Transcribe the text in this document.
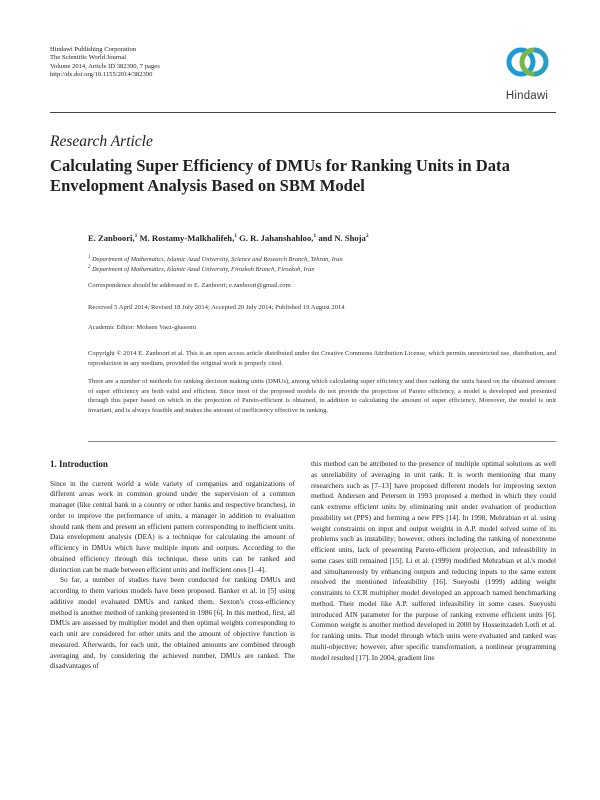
Hindawi Publishing Corporation
The Scientific World Journal
Volume 2014, Article ID 382390, 7 pages
http://dx.doi.org/10.1155/2014/382390
Hindawi
Research Article
Calculating Super Efficiency of DMUs for Ranking Units in Data Envelopment Analysis Based on SBM Model
E. Zanboori,$^1$ M. Rostamy-Malkhalifeh,$^1$ G. R. Jahanshahloo,$^1$ and N. Shoja$^2$
$^1$ Department of Mathematics, Islamic Azad University, Science and Research Branch, Tehran, Iran
$^2$ Department of Mathematics, Islamic Azad University, Firozkoh Branch, Firozkoh, Iran
Correspondence should be addressed to E. Zanboori; e.zanboori@gmail.com
Received 5 April 2014; Revised 18 July 2014; Accepted 20 July 2014; Published 19 August 2014
Academic Editor: Mohsen Vaez-ghasemi
Copyright © 2014 E. Zanboori et al. This is an open access article distributed under the Creative Commons Attribution License, which permits unrestricted use, distribution, and reproduction in any medium, provided the original work is properly cited.
There are a number of methods for ranking decision making units (DMUs), among which calculating super efficiency and then ranking the units based on the obtained amount of super efficiency are both valid and efficient. Since most of the proposed models do not provide the projection of Pareto efficiency, a model is developed and presented through this paper based on which in the projection of Pareto-efficient is obtained, in addition to calculating the amount of super efficiency. Moreover, the model is unit invariant, and is always feasible and makes the amount of inefficiency effective in ranking.
1. Introduction

Since in the current world a wide variety of companies and organizations of different areas work in common ground under the supervision of a common manager (like central bank in a country or other banks and respective branches), in order to improve the performance of units, a manager in addition to evaluation should rank them and present an efficient pattern corresponding to inefficient units. Data envelopment analysis (DEA) is a technique for calculating the amount of efficiency in DMUs which have multiple inputs and outputs. According to the obtained efficiency through this technique, these units can be ranked and distinction can be made between efficient units and inefficient ones [1–4].

So far, a number of studies have been conducted for ranking DMUs and according to them various models have been proposed. Banker et al. in [5] using additive model evaluated DMUs and ranked them. Sexton's cross-efficiency method is another method of ranking presented in 1986 [6]. In this method, first, all DMUs are assessed by multiplier model and then optimal weights corresponding to each unit are considered for other units and the amount of objective function is measured. Afterwards, for each unit, the obtained amounts are combined through averaging and, by considering the achieved number, DMUs are ranked. The disadvantages of

this method can be attributed to the presence of multiple optimal solutions as well as unreliability of averaging in unit rank. It is worth mentioning that many researchers such as [7–13] have proposed different models for improving sexton method. Andersen and Petersen in 1993 proposed a method in which they could rank extreme efficient units by eliminating unit under evaluation of production possibility set (PPS) and forming a new PPS [14]. In 1998, Mehrabian et al. using weight constraints on input and output weights in A.P. model solved some of its problems such as instability; however, others including the ranking of nonextreme efficient units, lack of presenting Pareto-efficient projection, and infeasibility in some cases still remained [15]. Li et al. (1999) modified Mehrabian et al.'s model and simultaneously by enhancing outputs and reducing inputs to the same extent resolved the mentioned infeasibility [16]. Sueyoshi (1999) adding weight constraints to CCR multiplier model developed an approach named benchmarking method. Their model like A.P. suffered infeasibility in some cases. Sueyoshi introduced AIN parameter for the purpose of ranking extreme efficient units [6]. Common weight is another method developed in 2000 by Hosseinzadeh Lotfi et al. for ranking units. That model through which units were evaluated and ranked was multi-objective; however, after specific transformation, a nonlinear programming model resulted [17]. In 2004, gradient line
